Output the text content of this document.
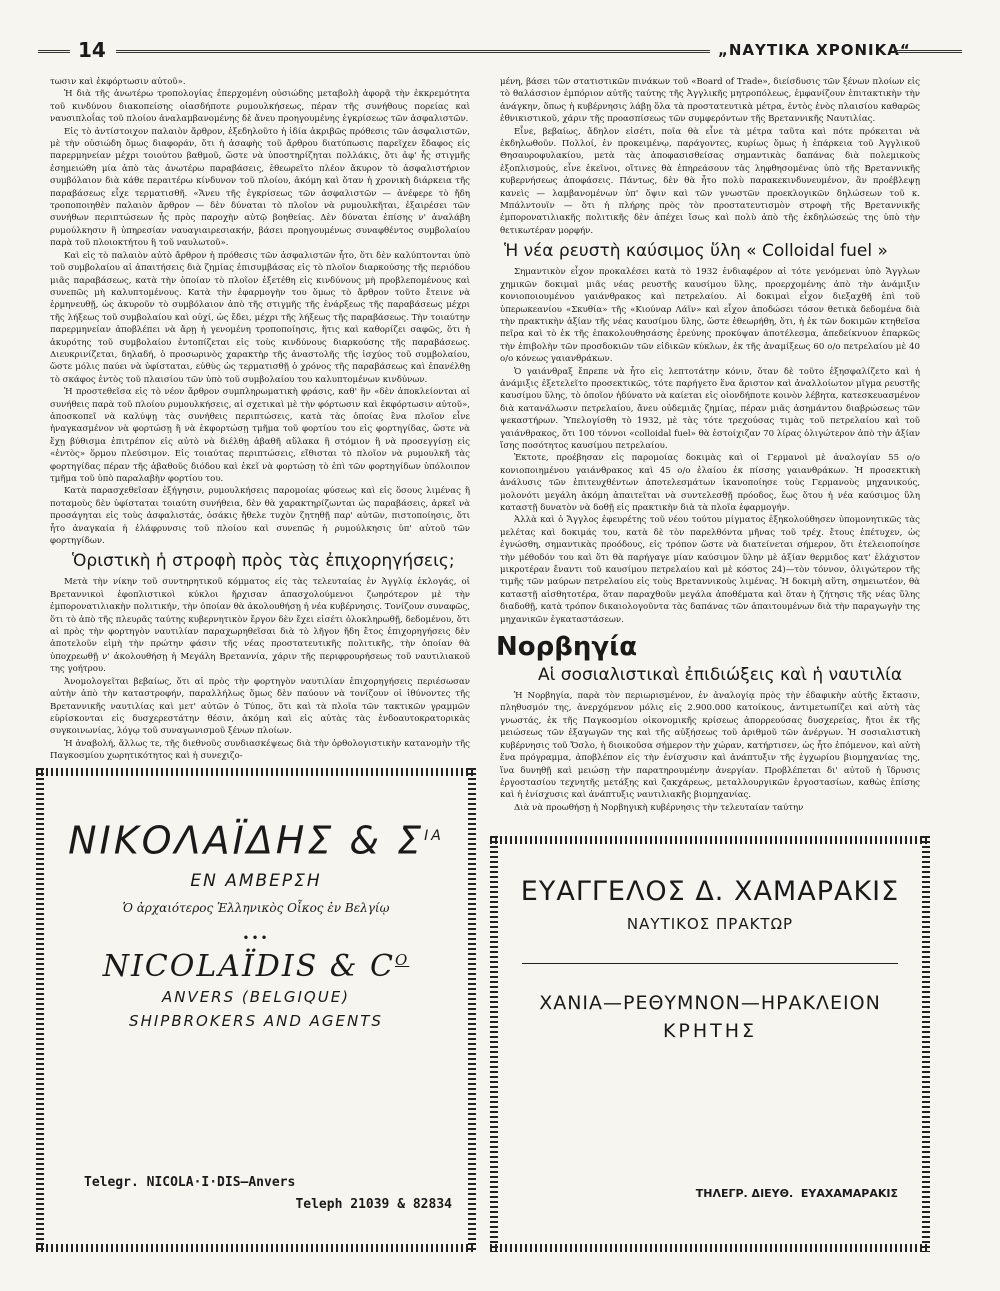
14	„ΝΑΥΤΙΚΑ ΧΡΟΝΙΚΑ“

τωσιν καὶ ἐκφόρτωσιν αὐτοῦ».

Ἡ διὰ τῆς ἀνωτέρω τροπολογίας ἐπερχομένη οὐσιώδης μεταβολὴ ἀφορᾷ τὴν ἐκκρεμότητα τοῦ κινδύνου διακοπείσης οἱασδήποτε ρυμουλκήσεως, πέραν τῆς συνήθους πορείας καὶ ναυσιπλοΐας τοῦ πλοίου ἀναλαμβανομένης δὲ ἄνευ προηγουμένης ἐγκρίσεως τῶν ἀσφαλιστῶν.

Εἰς τὸ ἀντίστοιχον παλαιὸν ἄρθρον, ἐξεδηλοῦτο ἡ ἰδία ἀκριβῶς πρόθεσις τῶν ἀσφαλιστῶν, μὲ τὴν οὐσιώδη ὅμως διαφοράν, ὅτι ἡ ἀσαφὴς τοῦ ἄρθρου διατύπωσις παρεῖχεν ἔδαφος εἰς παρερμηνείαν μέχρι τοιούτου βαθμοῦ, ὥστε νὰ ὑποστηρίζηται πολλάκις, ὅτι ἀφ' ἧς στιγμῆς ἐσημειώθη μία ἀπὸ τὰς ἀνωτέρω παραβάσεις, ἐθεωρεῖτο πλέον ἄκυρον τὸ ἀσφαλιστήριον συμβόλαιον διὰ κάθε περαιτέρω κίνδυνον τοῦ πλοίου, ἀκόμη καὶ ὅταν ἡ χρονικὴ διάρκεια τῆς παραβάσεως εἶχε τερματισθῆ. «Ἄνευ τῆς ἐγκρίσεως τῶν ἀσφαλιστῶν — ἀνέφερε τὸ ἤδη τροποποιηθὲν παλαιὸν ἄρθρον — δὲν δύναται τὸ πλοῖον νὰ ρυμουλκῆται, ἐξαιρέσει τῶν συνήθων περιπτώσεων ἧς πρὸς παροχὴν αὐτῷ βοηθείας. Δὲν δύναται ἐπίσης ν' ἀναλάβη ρυμούλκησιν ἢ ὑπηρεσίαν ναυαγιαιρεσιακήν, βάσει προηγουμένως συναφθέντος συμβολαίου παρὰ τοῦ πλοιοκτήτου ἢ τοῦ ναυλωτοῦ».

Καὶ εἰς τὸ παλαιὸν αὐτὸ ἄρθρον ἡ πρόθεσις τῶν ἀσφαλιστῶν ἦτο, ὅτι δὲν καλύπτονται ὑπὸ τοῦ συμβολαίου αἱ ἀπαιτήσεις διὰ ζημίας ἐπισυμβάσας εἰς τὸ πλοῖον διαρκούσης τῆς περιόδου μιᾶς παραβάσεως, κατὰ τὴν ὁποίαν τὸ πλοῖον ἐξετέθη εἰς κινδύνους μὴ προβλεπομένους καὶ συνεπῶς μὴ καλυπτομένους. Κατὰ τὴν ἐφαρμογὴν του ὅμως τὸ ἄρθρον τοῦτο ἔτεινε νὰ ἑρμηνευθῇ, ὡς ἀκυροῦν τὸ συμβόλαιον ἀπὸ τῆς στιγμῆς τῆς ἐνάρξεως τῆς παραβάσεως μέχρι τῆς λήξεως τοῦ συμβολαίου καὶ οὐχί, ὡς ἔδει, μέχρι τῆς λήξεως τῆς παραβάσεως. Τὴν τοιαύτην παρερμηνείαν ἀποβλέπει νὰ ἄρῃ ἡ γενομένη τροποποίησις, ἥτις καὶ καθορίζει σαφῶς, ὅτι ἡ ἀκυρότης τοῦ συμβολαίου ἐντοπίζεται εἰς τοὺς κινδύνους διαρκούσης τῆς παραβάσεως. Διευκρινίζεται, δηλαδή, ὁ προσωρινὸς χαρακτὴρ τῆς ἀναστολῆς τῆς ἰσχύος τοῦ συμβολαίου, ὥστε μόλις παύει νὰ ὑφίσταται, εὐθὺς ὡς τερματισθῇ ὁ χρόνος τῆς παραβάσεως καὶ ἐπανέλθῃ τὸ σκάφος ἐντὸς τοῦ πλαισίου τῶν ὑπὸ τοῦ συμβολαίου του καλυπτομένων κινδύνων.

Ἡ προστεθεῖσα εἰς τὸ νέον ἄρθρον συμπληρωματικὴ φράσις, καθ' ἣν «δὲν ἀποκλείονται αἱ συνήθεις παρὰ τοῦ πλοίου ρυμουλκήσεις, αἱ σχετικαὶ μὲ τὴν φόρτωσιν καὶ ἐκφόρτωσιν αὐτοῦ», ἀποσκοπεῖ νὰ καλύψῃ τὰς συνήθεις περιπτώσεις, κατὰ τὰς ὁποίας ἓνα πλοῖον εἶνε ἠναγκασμένον νὰ φορτώσῃ ἢ νὰ ἐκφορτώσῃ τμῆμα τοῦ φορτίου του εἰς φορτηγίδας, ὥστε νὰ ἔχῃ βύθισμα ἐπιτρέπον εἰς αὐτὸ νὰ διέλθῃ ἀβαθῆ αὔλακα ἢ στόμιον ἢ νὰ προσεγγίσῃ εἰς «ἐντὸς» ὅρμου πλεύσιμον. Εἰς τοιαύτας περιπτώσεις, εἴθισται τὸ πλοῖον νὰ ρυμουλκῆ τὰς φορτηγίδας πέραν τῆς ἀβαθοῦς διόδου καὶ ἐκεῖ νὰ φορτώσῃ τὸ ἐπὶ τῶν φορτηγίδων ὑπόλοιπον τμῆμα τοῦ ὑπὸ παραλαβὴν φορτίου του.

Κατὰ παρασχεθεῖσαν ἐξήγησιν, ρυμουλκήσεις παρομοίας φύσεως καὶ εἰς ὅσους λιμένας ἢ ποταμοὺς δὲν ὑφίσταται τοιαύτη συνήθεια, δὲν θὰ χαρακτηρίζωνται ὡς παραβάσεις, ἀρκεῖ νὰ προσάγηται εἰς τοὺς ἀσφαλιστάς, ὁσάκις ἤθελε τυχὸν ζητηθῇ παρ' αὐτῶν, πιστοποίησις, ὅτι ἦτο ἀναγκαία ἡ ἐλάφρυνσις τοῦ πλοίου καὶ συνεπῶς ἡ ρυμούλκησις ὑπ' αὐτοῦ τῶν φορτηγίδων.

Ὁριστικὴ ἡ στροφὴ πρὸς τὰς ἐπιχορηγήσεις;

Μετὰ τὴν νίκην τοῦ συντηρητικοῦ κόμματος εἰς τὰς τελευταίας ἐν Ἀγγλίᾳ ἐκλογάς, οἱ Βρεταννικοὶ ἐφοπλιστικοὶ κύκλοι ἤρχισαν ἀπασχολούμενοι ζωηρότερον μὲ τὴν ἐμπορονατιλιακὴν πολιτικήν, τὴν ὁποίαν θὰ ἀκολουθήσῃ ἡ νέα κυβέρνησις. Τονίζουν συναφῶς, ὅτι τὸ ἀπὸ τῆς πλευρᾶς ταύτης κυβερνητικὸν ἔργον δὲν ἔχει εἰσέτι ὁλοκληρωθῇ, δεδομένου, ὅτι αἱ πρὸς τὴν φορτηγὸν ναυτιλίαν παραχωρηθεῖσαι διὰ τὸ λῆγον ἤδη ἔτος ἐπιχορηγήσεις δὲν ἀποτελοῦν εἰμὴ τὴν πρώτην φάσιν τῆς νέας προστατευτικῆς πολιτικῆς, τὴν ὁποίαν θὰ ὑποχρεωθῇ ν' ἀκολουθήσῃ ἡ Μεγάλη Βρεταννία, χάριν τῆς περιφρουρήσεως τοῦ ναυτιλιακοῦ της γοήτρου.

Ἀνομολογεῖται βεβαίως, ὅτι αἱ πρὸς τὴν φορτηγὸν ναυτιλίαν ἐπιχορηγήσεις περιέσωσαν αὐτὴν ἀπὸ τὴν καταστροφήν, παραλλήλως ὅμως δὲν παύουν νὰ τονίζουν οἱ ἰθύνοντες τῆς Βρεταννικῆς ναυτιλίας καὶ μετ' αὐτῶν ὁ Τύπος, ὅτι καὶ τὰ πλοῖα τῶν τακτικῶν γραμμῶν εὑρίσκονται εἰς δυσχερεστάτην θέσιν, ἀκόμη καὶ εἰς αὐτὰς τὰς ἐνδοαυτοκρατορικὰς συγκοινωνίας, λόγῳ τοῦ συναγωνισμοῦ ξένων πλοίων.

Ἡ ἀναβολή, ἄλλως τε, τῆς διεθνοῦς συνδιασκέψεως διὰ τὴν ὀρθολογιστικὴν κατανομὴν τῆς Παγκοσμίου χωρητικότητος καὶ ἡ συνεχιζο-

μένη, βάσει τῶν στατιστικῶν πινάκων τοῦ «Board of Trade», διείσδυσις τῶν ξένων πλοίων εἰς τὸ θαλάσσιον ἐμπόριον αὐτῆς ταύτης τῆς Ἀγγλικῆς μητροπόλεως, ἐμφανίζουν ἐπιτακτικὴν τὴν ἀνάγκην, ὅπως ἡ κυβέρνησις λάβῃ ὅλα τὰ προστατευτικὰ μέτρα, ἐντὸς ἑνὸς πλαισίου καθαρῶς ἐθνικιστικοῦ, χάριν τῆς προασπίσεως τῶν συμφερόντων τῆς Βρεταννικῆς Ναυτιλίας.

Εἶνε, βεβαίως, ἄδηλον εἰσέτι, ποῖα θὰ εἶνε τὰ μέτρα ταῦτα καὶ πότε πρόκειται νὰ ἐκδηλωθοῦν. Πολλοί, ἐν προκειμένῳ, παράγοντες, κυρίως ὅμως ἡ ἐπάρκεια τοῦ Ἀγγλικοῦ Θησαυροφυλακίου, μετὰ τὰς ἀποφασισθείσας σημαντικὰς δαπάνας διὰ πολεμικοὺς ἐξοπλισμούς, εἶνε ἐκεῖνοι, οἵτινες θὰ ἐπηρεάσουν τὰς ληφθησομένας ὑπὸ τῆς Βρεταννικῆς κυβερνήσεως ἀποφάσεις. Πάντως, δὲν θὰ ἦτο πολὺ παρακεκινδυνευμένον, ἂν προέβλεψῃ κανεὶς — λαμβανομένων ὑπ' ὄψιν καὶ τῶν γνωστῶν προεκλογικῶν δηλώσεων τοῦ κ. Μπάλντουϊν — ὅτι ἡ πλήρης πρὸς τὸν προστατευτισμὸν στροφὴ τῆς Βρεταννικῆς ἐμπορονατιλιακῆς πολιτικῆς δὲν ἀπέχει ἴσως καὶ πολὺ ἀπὸ τῆς ἐκδηλώσεώς της ὑπὸ τὴν θετικωτέραν μορφήν.

Ἡ νέα ρευστὴ καύσιμος ὕλη « Colloidal fuel »

Σημαντικὸν εἶχον προκαλέσει κατὰ τὸ 1932 ἐνδιαφέρον αἱ τότε γενόμεναι ὑπὸ Ἄγγλων χημικῶν δοκιμαὶ μιᾶς νέας ρευστῆς καυσίμου ὕλης, προερχομένης ἀπὸ τὴν ἀνάμιξιν κονιοποιουμένου γαιάνθρακος καὶ πετρελαίου. Αἱ δοκιμαὶ εἶχον διεξαχθῆ ἐπὶ τοῦ ὑπερωκεανίου «Σκυθία» τῆς «Κιούναρ Λάϊν» καὶ εἶχον ἀποδώσει τόσον θετικὰ δεδομένα διὰ τὴν πρακτικὴν ἀξίαν τῆς νέας καυσίμου ὕλης, ὥστε ἐθεωρήθη, ὅτι, ἡ ἐκ τῶν δοκιμῶν κτηθεῖσα πεῖρα καὶ τὸ ἐκ τῆς ἐπακολουθησάσης ἐρεύνης προκύψαν ἀποτέλεσμα, ἀπεδείκνυον ἐπαρκῶς τὴν ἐπιβολὴν τῶν προσδοκιῶν τῶν εἰδικῶν κύκλων, ἐκ τῆς ἀναμίξεως 60 ο/ο πετρελαίου μὲ 40 ο/ο κόνεως γαιανθράκων.

Ὁ γαιάνθραξ ἔπρεπε νὰ ἦτο εἰς λεπτοτάτην κόνιν, ὅταν δὲ τοῦτο ἐξησφαλίζετο καὶ ἡ ἀνάμιξις ἐξετελεῖτο προσεκτικῶς, τότε παρήγετο ἕνα ἄριστον καὶ ἀναλλοίωτον μῖγμα ρευστῆς καυσίμου ὕλης, τὸ ὁποῖον ἠδύνατο νὰ καίεται εἰς οἱονδήποτε κοινὸν λέβητα, κατεσκευασμένον διὰ κατανάλωσιν πετρελαίου, ἄνευ οὐδεμιᾶς ζημίας, πέραν μιᾶς ἀσημάντου διαβρώσεως τῶν ψεκαστήρων. Ὑπελογίσθη τὸ 1932, μὲ τὰς τότε τρεχούσας τιμὰς τοῦ πετρελαίου καὶ τοῦ γαιάνθρακος, ὅτι 100 τόννοι «colloidal fuel» θὰ ἐστοίχιζαν 70 λίρας ὀλιγώτερον ἀπὸ τὴν ἀξίαν ἴσης ποσότητος καυσίμου πετρελαίου.

Ἐκτοτε, προέβησαν εἰς παρομοίας δοκιμὰς καὶ οἱ Γερμανοὶ μὲ ἀναλογίαν 55 ο/ο κονιοποιημένου γαιάνθρακος καὶ 45 ο/ο ἐλαίου ἐκ πίσσης γαιανθράκων. Ἡ προσεκτικὴ ἀνάλυσις τῶν ἐπιτευχθέντων ἀποτελεσμάτων ἱκανοποίησε τοὺς Γερμανοὺς μηχανικούς, μολονότι μεγάλη ἀκόμη ἀπαιτεῖται νὰ συντελεσθῇ πρόοδος, ἕως ὅτου ἡ νέα καύσιμος ὕλη καταστῇ δυνατὸν νὰ δοθῇ εἰς πρακτικὴν διὰ τὰ πλοῖα ἐφαρμογήν.

Ἀλλὰ καὶ ὁ Ἄγγλος ἐφευρέτης τοῦ νέου τούτου μίγματος ἐξηκολούθησεν ὑπομονητικῶς τὰς μελέτας καὶ δοκιμάς του, κατὰ δὲ τὸν παρελθόντα μῆνας τοῦ τρέχ. ἔτους ἐπέτυχεν, ὡς ἐγνώσθη, σημαντικὰς προόδους, εἰς τρόπον ὥστε νὰ διατείνεται σήμερον, ὅτι ἐτελειοποίησε τὴν μέθοδόν του καὶ ὅτι θὰ παρήγαγε μίαν καύσιμον ὕλην μὲ ἀξίαν θερμιδος κατ' ἐλάχιστον μικροτέραν ἔναντι τοῦ καυσίμου πετρελαίου καὶ μὲ κόστος 24)—τὸν τόννον, ὀλιγώτερον τῆς τιμῆς τῶν μαύρων πετρελαίου εἰς τοὺς Βρεταννικοὺς λιμένας. Ἡ δοκιμὴ αὕτη, σημειωτέον, θὰ καταστῇ αἰσθητοτέρα, ὅταν παραχθοῦν μεγάλα ἀποθέματα καὶ ὅταν ἡ ζήτησις τῆς νέας ὕλης διαδοθῇ, κατὰ τρόπον δικαιολογοῦντα τὰς δαπάνας τῶν ἀπαιτουμένων διὰ τὴν παραγωγὴν της μηχανικῶν ἐγκαταστάσεων.

Νορβηγία
Αἱ σοσιαλιστικαὶ ἐπιδιώξεις καὶ ἡ ναυτιλία

Ἡ Νορβηγία, παρὰ τὸν περιωρισμένον, ἐν ἀναλογίᾳ πρὸς τὴν ἐδαφικὴν αὐτῆς ἔκτασιν, πληθυσμόν της, ἀνερχόμενον μόλις εἰς 2.900.000 κατοίκους, ἀντιμετωπίζει καὶ αὐτὴ τὰς γνωστάς, ἐκ τῆς Παγκοσμίου οἰκονομικῆς κρίσεως ἀπορρεούσας δυσχερείας, ἤτοι ἐκ τῆς μειώσεως τῶν ἐξαγωγῶν της καὶ τῆς αὐξήσεως τοῦ ἀριθμοῦ τῶν ἀνέργων. Ἡ σοσιαλιστικὴ κυβέρνησις τοῦ Ὄσλο, ἡ διοικοῦσα σήμερον τὴν χώραν, κατήρτισεν, ὡς ἦτο ἑπόμενον, καὶ αὐτὴ ἕνα πρόγραμμα, ἀποβλέπον εἰς τὴν ἐνίσχυσιν καὶ ἀνάπτυξιν τῆς ἐγχωρίου βιομηχανίας της, ἵνα δυνηθῇ καὶ μειώσῃ τὴν παρατηρουμένην ἀνεργίαν. Προβλέπεται δι' αὐτοῦ ἡ ἵδρυσις ἐργοστασίου τεχνητῆς μετάξης καὶ ζακχάρεως, μεταλλουργικῶν ἐργοστασίων, καθὼς ἐπίσης καὶ ἡ ἐνίσχυσις καὶ ἀνάπτυξις ναυτιλιακῆς βιομηχανίας.

Διὰ νὰ προωθήσῃ ἡ Νορβηγικὴ κυβέρνησις τὴν τελευταίαν ταύτην

ΝΙΚΟΛΑΪΔΗΣ & $\Sigma^{IA}$
ΕΝ ΑΜΒΕΡΣΗ
Ὁ ἀρχαιότερος Ἑλληνικὸς Οἶκος ἐν Βελγίῳ
•••
NICOLAÏDIS & $C^O$
ANVERS (BELGIQUE)
SHIPBROKERS AND AGENTS
Telegr. NICOLA·I·DIS—Anvers
Teleph 21039 & 82834
ΕΥΑΓΓΕΛΟΣ Δ. ΧΑΜΑΡΑΚΙΣ
ΝΑΥΤΙΚΟΣ ΠΡΑΚΤΩΡ
ΧΑΝΙΑ—ΡΕΘΥΜΝΟΝ—ΗΡΑΚΛΕΙΟΝ
ΚΡΗΤΗΣ
ΤΗΛΕΓΡ. ΔΙΕΥΘ. ΕΥΑΧΑΜΑΡΑΚΙΣ
